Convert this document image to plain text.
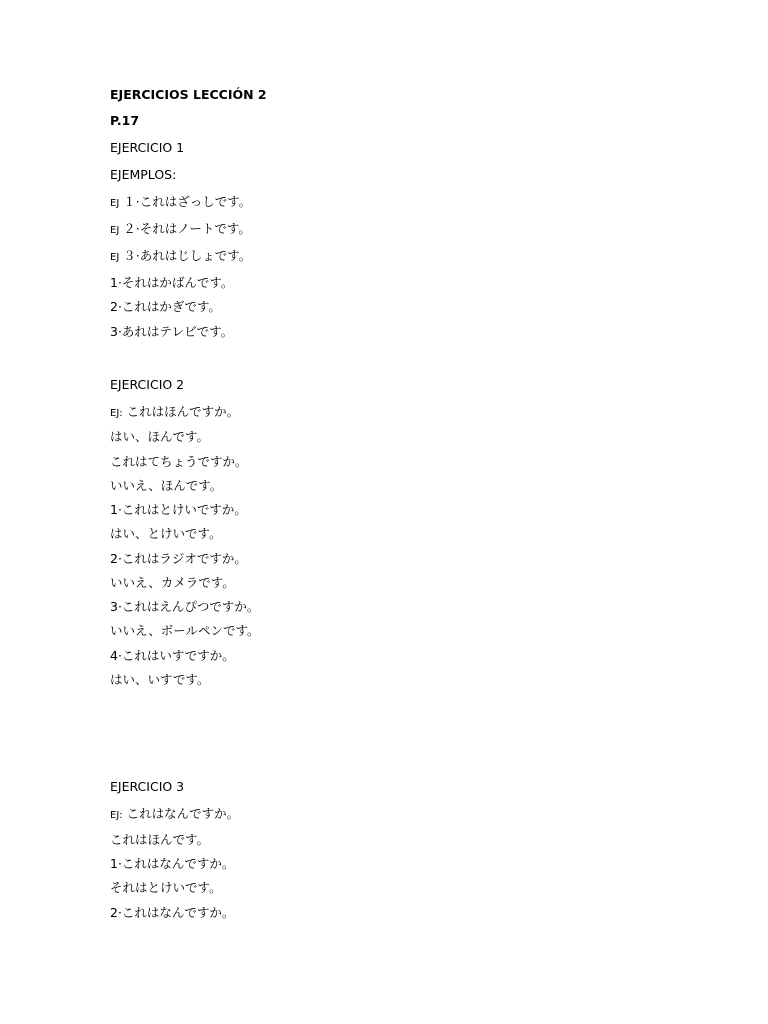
EJERCICIOS LECCIÓN 2
P.17
EJERCICIO 1
EJEMPLOS:
EJ １·これはざっしです。
EJ ２·それはノートです。
EJ ３·あれはじしょです。
1·それはかばんです。
2·これはかぎです。
3·あれはテレビです。
EJERCICIO 2
EJ: これはほんですか。
はい、ほんです。
これはてちょうですか。
いいえ、ほんです。
1·これはとけいですか。
はい、とけいです。
2·これはラジオですか。
いいえ、カメラです。
3·これはえんぴつですか。
いいえ、ボールペンです。
4·これはいすですか。
はい、いすです。
EJERCICIO 3
EJ: これはなんですか。
これはほんです。
1·これはなんですか。
それはとけいです。
2·これはなんですか。
